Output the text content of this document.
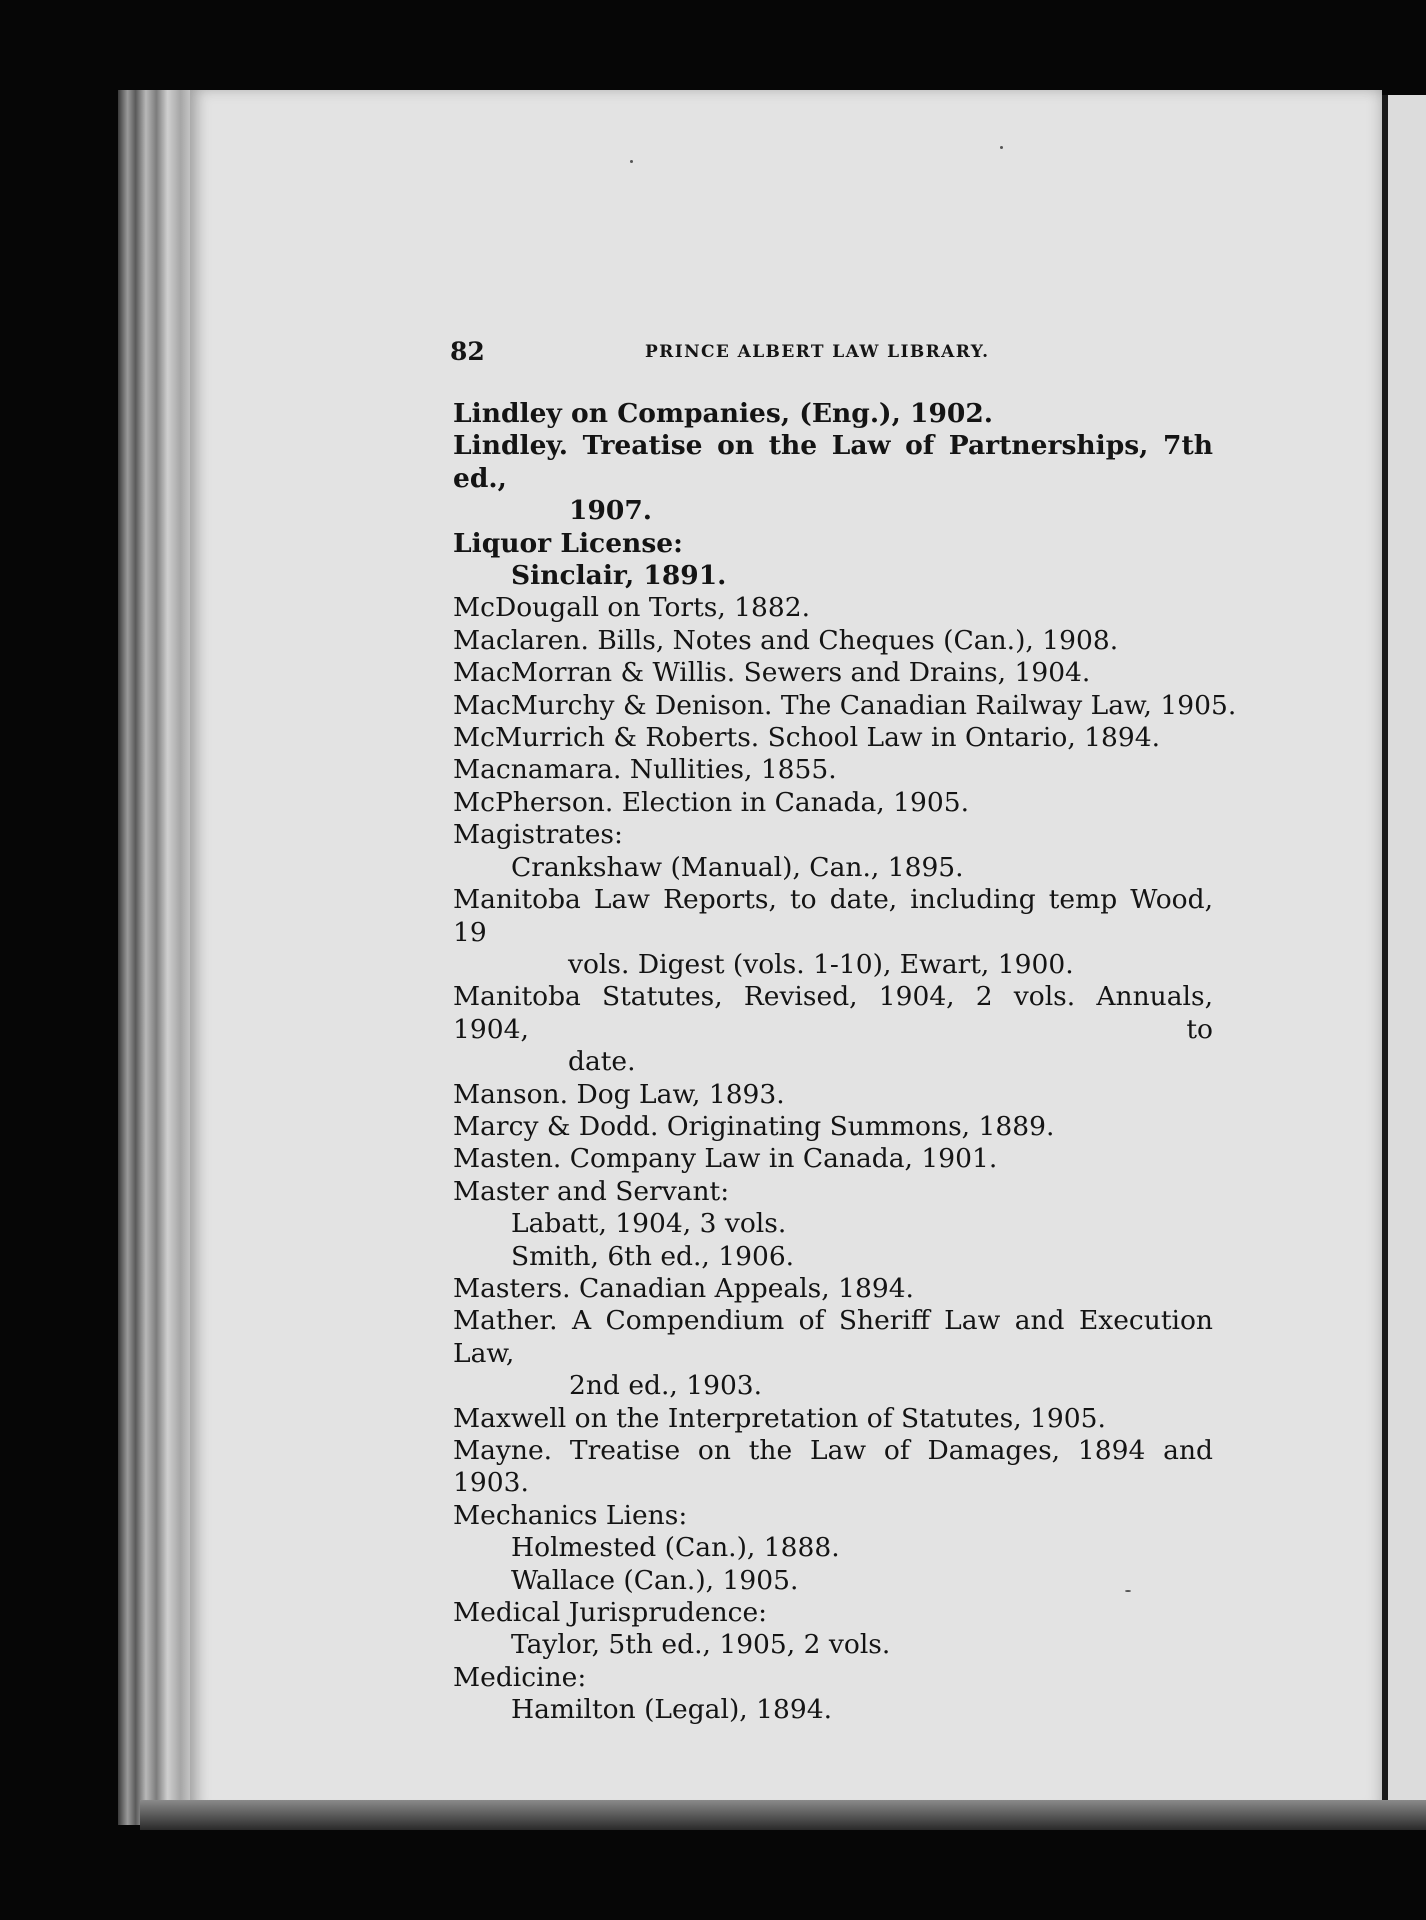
82	PRINCE ALBERT LAW LIBRARY.
Lindley on Companies, (Eng.), 1902.
Lindley. Treatise on the Law of Partnerships, 7th ed.,
1907.
Liquor License:
Sinclair, 1891.
McDougall on Torts, 1882.
Maclaren. Bills, Notes and Cheques (Can.), 1908.
MacMorran & Willis. Sewers and Drains, 1904.
MacMurchy & Denison. The Canadian Railway Law, 1905.
McMurrich & Roberts. School Law in Ontario, 1894.
Macnamara. Nullities, 1855.
McPherson. Election in Canada, 1905.
Magistrates:
Crankshaw (Manual), Can., 1895.
Manitoba Law Reports, to date, including temp Wood, 19
vols. Digest (vols. 1-10), Ewart, 1900.
Manitoba Statutes, Revised, 1904, 2 vols. Annuals, 1904, to
date.
Manson. Dog Law, 1893.
Marcy & Dodd. Originating Summons, 1889.
Masten. Company Law in Canada, 1901.
Master and Servant:
Labatt, 1904, 3 vols.
Smith, 6th ed., 1906.
Masters. Canadian Appeals, 1894.
Mather. A Compendium of Sheriff Law and Execution Law,
2nd ed., 1903.
Maxwell on the Interpretation of Statutes, 1905.
Mayne. Treatise on the Law of Damages, 1894 and 1903.
Mechanics Liens:
Holmested (Can.), 1888.
Wallace (Can.), 1905.
Medical Jurisprudence:
Taylor, 5th ed., 1905, 2 vols.
Medicine:
Hamilton (Legal), 1894.
